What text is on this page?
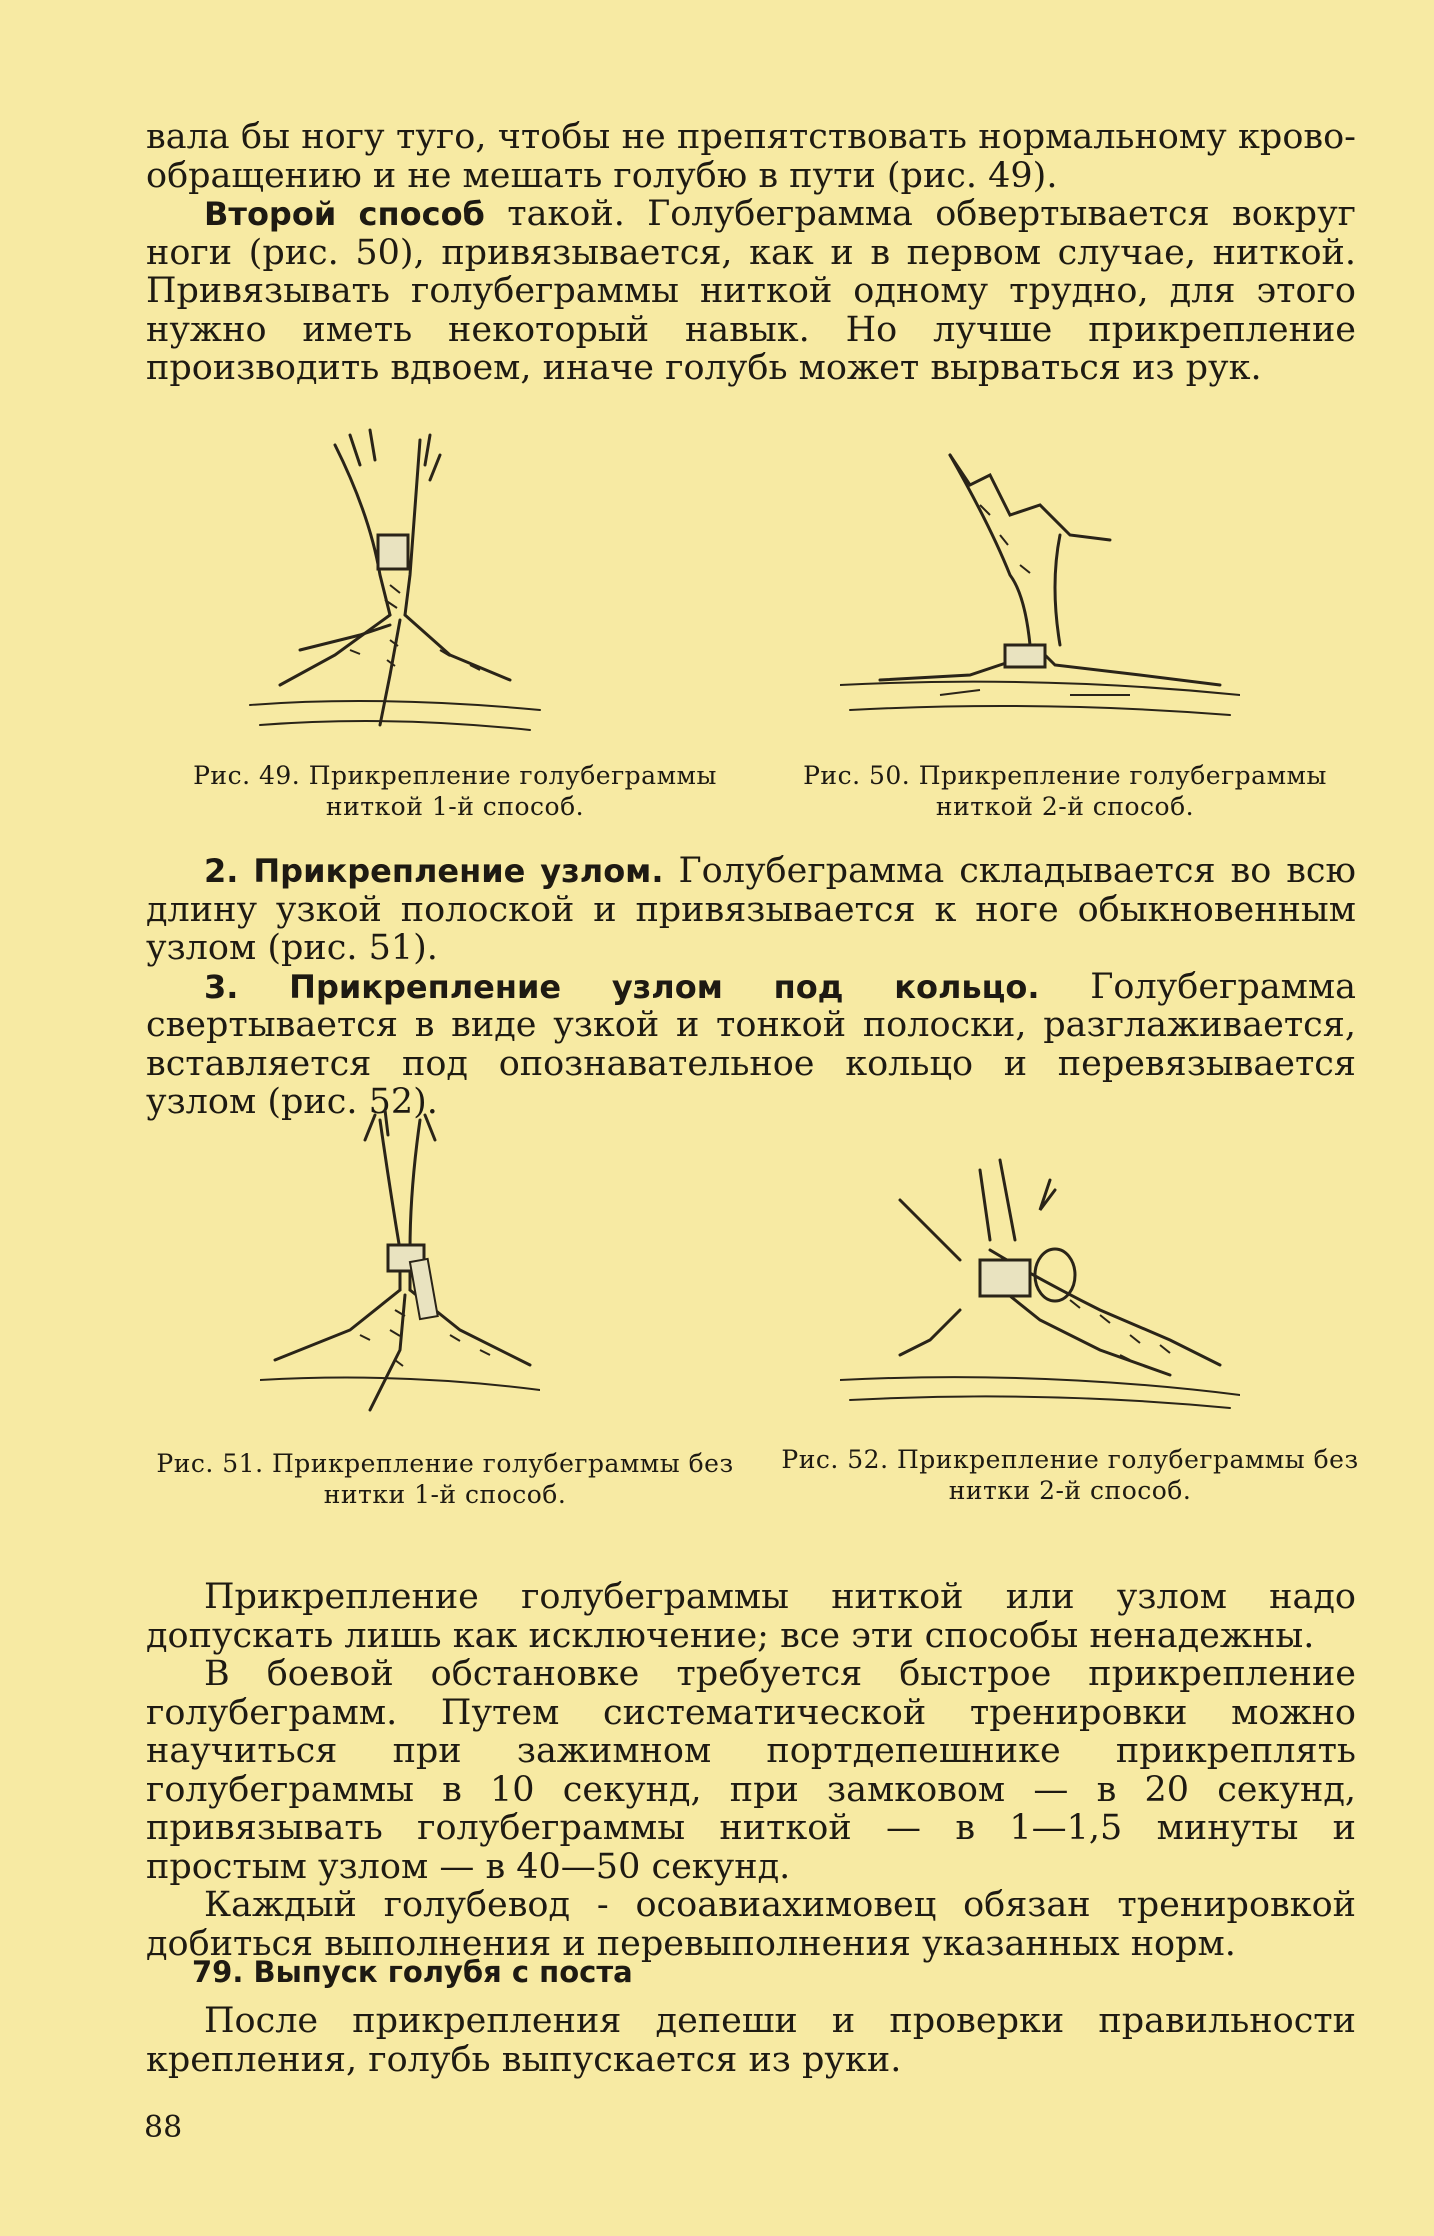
вала бы ногу туго, чтобы не препятствовать нормальному крово-обращению и не мешать голубю в пути (рис. 49).

Второй способ такой. Голубеграмма обвертывается вокруг ноги (рис. 50), привязывается, как и в первом случае, ниткой. Привязывать голубеграммы ниткой одному трудно, для этого нужно иметь некоторый навык. Но лучше прикрепление производить вдвоем, иначе голубь может вырваться из рук.

Рис. 49. Прикрепление голубеграммы ниткой 1-й способ.
Рис. 50. Прикрепление голубеграммы ниткой 2-й способ.

2. Прикрепление узлом. Голубеграмма складывается во всю длину узкой полоской и привязывается к ноге обыкновенным узлом (рис. 51).

3. Прикрепление узлом под кольцо. Голубеграмма свертывается в виде узкой и тонкой полоски, разглаживается, вставляется под опознавательное кольцо и перевязывается узлом (рис. 52).

Рис. 51. Прикрепление голубеграммы без нитки 1-й способ.
Рис. 52. Прикрепление голубеграммы без нитки 2-й способ.

Прикрепление голубеграммы ниткой или узлом надо допускать лишь как исключение; все эти способы ненадежны.

В боевой обстановке требуется быстрое прикрепление голубеграмм. Путем систематической тренировки можно научиться при зажимном портдепешнике прикреплять голубеграммы в 10 секунд, при замковом — в 20 секунд, привязывать голубеграммы ниткой — в 1—1,5 минуты и простым узлом — в 40—50 секунд.

Каждый голубевод - осоавиахимовец обязан тренировкой добиться выполнения и перевыполнения указанных норм.

79. Выпуск голубя с поста

После прикрепления депеши и проверки правильности крепления, голубь выпускается из руки.

88
